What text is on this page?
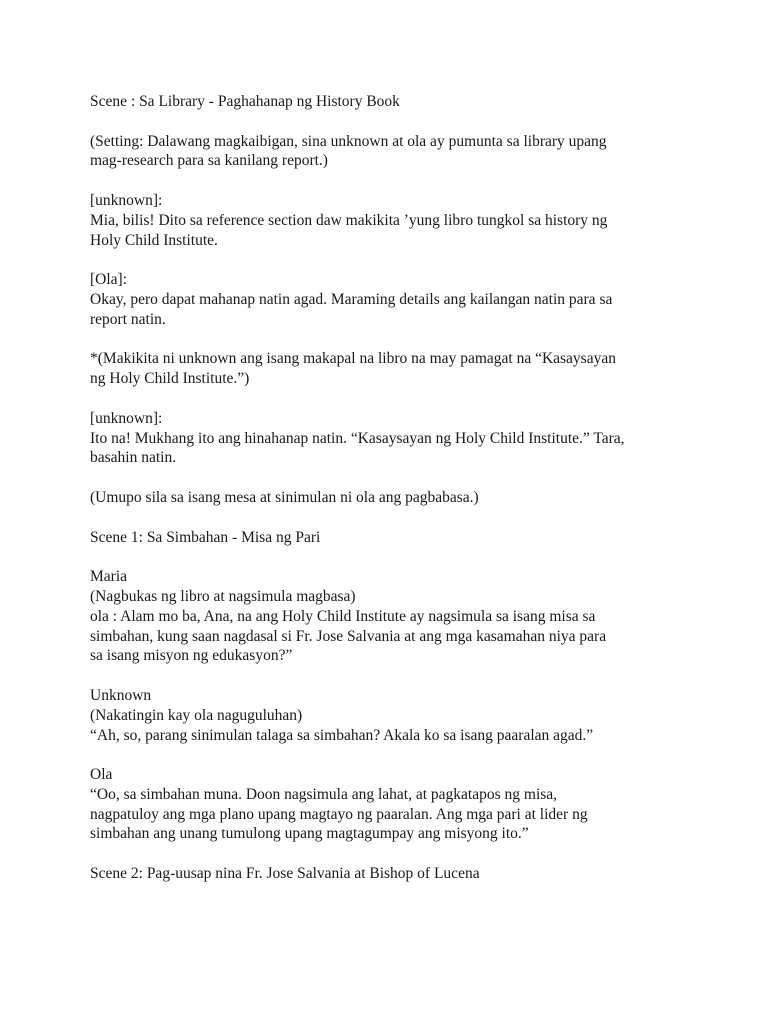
Scene : Sa Library - Paghahanap ng History Book
(Setting: Dalawang magkaibigan, sina unknown at ola ay pumunta sa library upang
mag-research para sa kanilang report.)
[unknown]:
Mia, bilis! Dito sa reference section daw makikita ’yung libro tungkol sa history ng
Holy Child Institute.
[Ola]:
Okay, pero dapat mahanap natin agad. Maraming details ang kailangan natin para sa
report natin.
*(Makikita ni unknown ang isang makapal na libro na may pamagat na “Kasaysayan
ng Holy Child Institute.”)
[unknown]:
Ito na! Mukhang ito ang hinahanap natin. “Kasaysayan ng Holy Child Institute.” Tara,
basahin natin.
(Umupo sila sa isang mesa at sinimulan ni ola ang pagbabasa.)
Scene 1: Sa Simbahan - Misa ng Pari
Maria
(Nagbukas ng libro at nagsimula magbasa)
ola : Alam mo ba, Ana, na ang Holy Child Institute ay nagsimula sa isang misa sa
simbahan, kung saan nagdasal si Fr. Jose Salvania at ang mga kasamahan niya para
sa isang misyon ng edukasyon?”
Unknown
(Nakatingin kay ola naguguluhan)
“Ah, so, parang sinimulan talaga sa simbahan? Akala ko sa isang paaralan agad.”
Ola
“Oo, sa simbahan muna. Doon nagsimula ang lahat, at pagkatapos ng misa,
nagpatuloy ang mga plano upang magtayo ng paaralan. Ang mga pari at lider ng
simbahan ang unang tumulong upang magtagumpay ang misyong ito.”
Scene 2: Pag-uusap nina Fr. Jose Salvania at Bishop of Lucena
